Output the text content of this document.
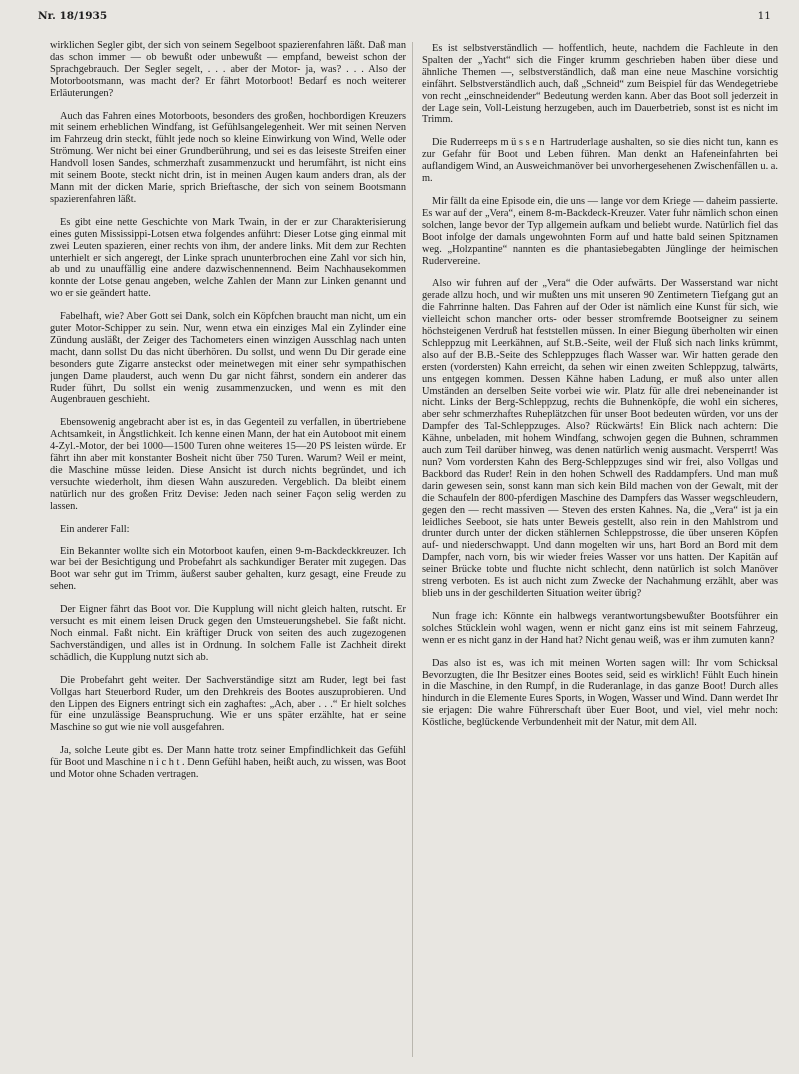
Nr. 18/1935	11

wirklichen Segler gibt, der sich von seinem Segelboot spazierenfahren läßt. Daß man das schon immer — ob bewußt oder unbewußt — empfand, beweist schon der Sprachgebrauch. Der Segler segelt, . . . aber der Motor- ja, was? . . . Also der Motorbootsmann, was macht der? Er fährt Motorboot! Bedarf es noch weiterer Erläuterungen?

Auch das Fahren eines Motorboots, besonders des großen, hochbordigen Kreuzers mit seinem erheblichen Windfang, ist Gefühlsangelegenheit. Wer mit seinen Nerven im Fahrzeug drin steckt, fühlt jede noch so kleine Einwirkung von Wind, Welle oder Strömung. Wer nicht bei einer Grundberührung, und sei es das leiseste Streifen einer Handvoll losen Sandes, schmerzhaft zusammenzuckt und herumfährt, ist nicht eins mit seinem Boote, steckt nicht drin, ist in meinen Augen kaum anders dran, als der Mann mit der dicken Marie, sprich Brieftasche, der sich von seinem Bootsmann spazierenfahren läßt.

Es gibt eine nette Geschichte von Mark Twain, in der er zur Charakterisierung eines guten Mississippi-Lotsen etwa folgendes anführt: Dieser Lotse ging einmal mit zwei Leuten spazieren, einer rechts von ihm, der andere links. Mit dem zur Rechten unterhielt er sich angeregt, der Linke sprach ununterbrochen eine Zahl vor sich hin, ab und zu unauffällig eine andere dazwischennennend. Beim Nachhausekommen konnte der Lotse genau angeben, welche Zahlen der Mann zur Linken genannt und wo er sie geändert hatte.

Fabelhaft, wie? Aber Gott sei Dank, solch ein Köpfchen braucht man nicht, um ein guter Motor-Schipper zu sein. Nur, wenn etwa ein einziges Mal ein Zylinder eine Zündung ausläßt, der Zeiger des Tachometers einen winzigen Ausschlag nach unten macht, dann sollst Du das nicht überhören. Du sollst, und wenn Du Dir gerade eine besonders gute Zigarre ansteckst oder meinetwegen mit einer sehr sympathischen jungen Dame plauderst, auch wenn Du gar nicht fährst, sondern ein anderer das Ruder führt, Du sollst ein wenig zusammenzucken, und wenn es mit den Augenbrauen geschieht.

Ebensowenig angebracht aber ist es, in das Gegenteil zu verfallen, in übertriebene Achtsamkeit, in Ängstlichkeit. Ich kenne einen Mann, der hat ein Autoboot mit einem 4-Zyl.-Motor, der bei 1000—1500 Turen ohne weiteres 15—20 PS leisten würde. Er fährt ihn aber mit konstanter Bosheit nicht über 750 Turen. Warum? Weil er meint, die Maschine müsse leiden. Diese Ansicht ist durch nichts begründet, und ich versuchte wiederholt, ihm diesen Wahn auszureden. Vergeblich. Da bleibt einem natürlich nur des großen Fritz Devise: Jeden nach seiner Façon selig werden zu lassen.

Ein anderer Fall:

Ein Bekannter wollte sich ein Motorboot kaufen, einen 9-m-Backdeckkreuzer. Ich war bei der Besichtigung und Probefahrt als sachkundiger Berater mit zugegen. Das Boot war sehr gut im Trimm, äußerst sauber gehalten, kurz gesagt, eine Freude zu sehen.

Der Eigner fährt das Boot vor. Die Kupplung will nicht gleich halten, rutscht. Er versucht es mit einem leisen Druck gegen den Umsteuerungshebel. Sie faßt nicht. Noch einmal. Faßt nicht. Ein kräftiger Druck von seiten des auch zugezogenen Sachverständigen, und alles ist in Ordnung. In solchem Falle ist Zachheit direkt schädlich, die Kupplung nutzt sich ab.

Die Probefahrt geht weiter. Der Sachverständige sitzt am Ruder, legt bei fast Vollgas hart Steuerbord Ruder, um den Drehkreis des Bootes auszuprobieren. Und den Lippen des Eigners entringt sich ein zaghaftes: „Ach, aber . . .“ Er hielt solches für eine unzulässige Beanspruchung. Wie er uns später erzählte, hat er seine Maschine so gut wie nie voll ausgefahren.

Ja, solche Leute gibt es. Der Mann hatte trotz seiner Empfindlichkeit das Gefühl für Boot und Maschine nicht. Denn Gefühl haben, heißt auch, zu wissen, was Boot und Motor ohne Schaden vertragen.

Es ist selbstverständlich — hoffentlich, heute, nachdem die Fachleute in den Spalten der „Yacht“ sich die Finger krumm geschrieben haben über diese und ähnliche Themen —, selbstverständlich, daß man eine neue Maschine vorsichtig einfährt. Selbstverständlich auch, daß „Schneid“ zum Beispiel für das Wendegetriebe von recht „einschneidender“ Bedeutung werden kann. Aber das Boot soll jederzeit in der Lage sein, Voll-Leistung herzugeben, auch im Dauerbetrieb, sonst ist es nicht im Trimm.

Die Ruderreeps müssen Hartruderlage aushalten, so sie dies nicht tun, kann es zur Gefahr für Boot und Leben führen. Man denkt an Hafeneinfahrten bei auflandigem Wind, an Ausweichmanöver bei unvorhergesehenen Zwischenfällen u. a. m.

Mir fällt da eine Episode ein, die uns — lange vor dem Kriege — daheim passierte. Es war auf der „Vera“, einem 8-m-Backdeck-Kreuzer. Vater fuhr nämlich schon einen solchen, lange bevor der Typ allgemein aufkam und beliebt wurde. Natürlich fiel das Boot infolge der damals ungewohnten Form auf und hatte bald seinen Spitznamen weg. „Holzpantine“ nannten es die phantasiebegabten Jünglinge der heimischen Rudervereine.

Also wir fuhren auf der „Vera“ die Oder aufwärts. Der Wasserstand war nicht gerade allzu hoch, und wir mußten uns mit unseren 90 Zentimetern Tiefgang gut an die Fahrrinne halten. Das Fahren auf der Oder ist nämlich eine Kunst für sich, wie vielleicht schon mancher orts- oder besser stromfremde Bootseigner zu seinem höchsteigenen Verdruß hat feststellen müssen. In einer Biegung überholten wir einen Schleppzug mit Leerkähnen, auf St.B.-Seite, weil der Fluß sich nach links krümmt, also auf der B.B.-Seite des Schleppzuges flach Wasser war. Wir hatten gerade den ersten (vordersten) Kahn erreicht, da sehen wir einen zweiten Schleppzug, talwärts, uns entgegen kommen. Dessen Kähne haben Ladung, er muß also unter allen Umständen an derselben Seite vorbei wie wir. Platz für alle drei nebeneinander ist nicht. Links der Berg-Schleppzug, rechts die Buhnenköpfe, die wohl ein sicheres, aber sehr schmerzhaftes Ruheplätzchen für unser Boot bedeuten würden, vor uns der Dampfer des Tal-Schleppzuges. Also? Rückwärts! Ein Blick nach achtern: Die Kähne, unbeladen, mit hohem Windfang, schwojen gegen die Buhnen, schrammen auch zum Teil darüber hinweg, was denen natürlich wenig ausmacht. Versperrt! Was nun? Vom vordersten Kahn des Berg-Schleppzuges sind wir frei, also Vollgas und Backbord das Ruder! Rein in den hohen Schwell des Raddampfers. Und man muß darin gewesen sein, sonst kann man sich kein Bild machen von der Gewalt, mit der die Schaufeln der 800-pferdigen Maschine des Dampfers das Wasser wegschleudern, gegen den — recht massiven — Steven des ersten Kahnes. Na, die „Vera“ ist ja ein leidliches Seeboot, sie hats unter Beweis gestellt, also rein in den Mahlstrom und drunter durch unter der dicken stählernen Schleppstrosse, die über unseren Köpfen auf- und niederschwappt. Und dann mogelten wir uns, hart Bord an Bord mit dem Dampfer, nach vorn, bis wir wieder freies Wasser vor uns hatten. Der Kapitän auf seiner Brücke tobte und fluchte nicht schlecht, denn natürlich ist solch Manöver streng verboten. Es ist auch nicht zum Zwecke der Nachahmung erzählt, aber was blieb uns in der geschilderten Situation weiter übrig?

Nun frage ich: Könnte ein halbwegs verantwortungsbewußter Bootsführer ein solches Stücklein wohl wagen, wenn er nicht ganz eins ist mit seinem Fahrzeug, wenn er es nicht ganz in der Hand hat? Nicht genau weiß, was er ihm zumuten kann?

Das also ist es, was ich mit meinen Worten sagen will: Ihr vom Schicksal Bevorzugten, die Ihr Besitzer eines Bootes seid, seid es wirklich! Fühlt Euch hinein in die Maschine, in den Rumpf, in die Ruderanlage, in das ganze Boot! Durch alles hindurch in die Elemente Eures Sports, in Wogen, Wasser und Wind. Dann werdet Ihr sie erjagen: Die wahre Führerschaft über Euer Boot, und viel, viel mehr noch: Köstliche, beglückende Verbundenheit mit der Natur, mit dem All.
